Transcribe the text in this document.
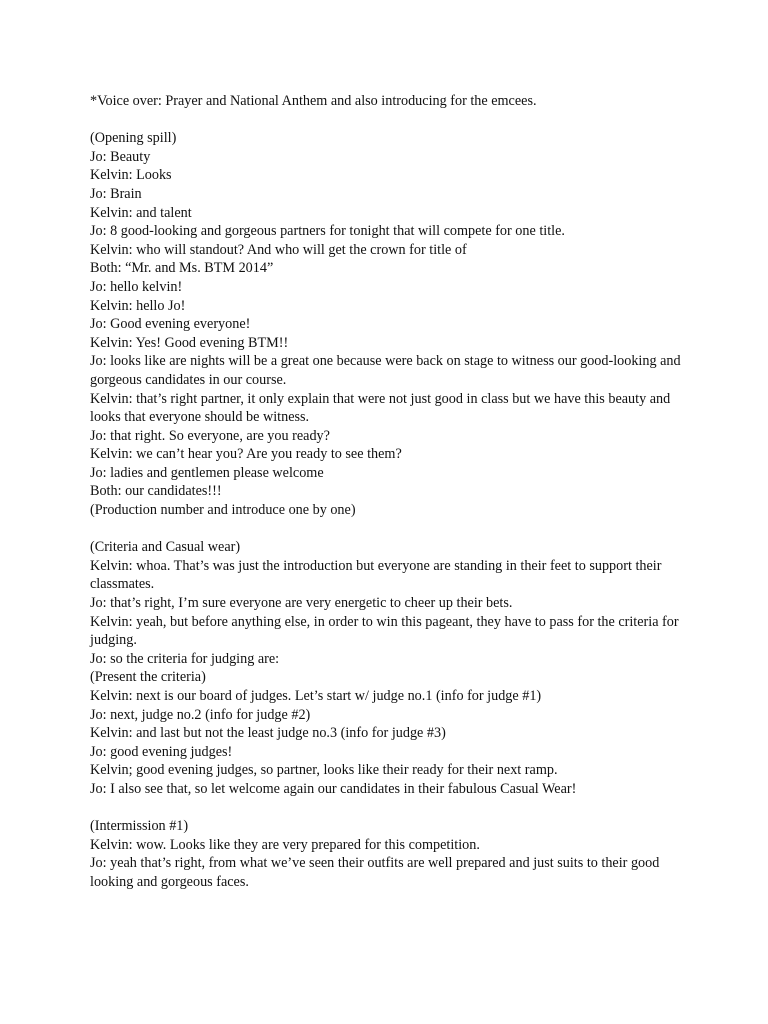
*Voice over: Prayer and National Anthem and also introducing for the emcees.
(Opening spill)
Jo: Beauty
Kelvin: Looks
Jo: Brain
Kelvin: and talent
Jo: 8 good-looking and gorgeous partners for tonight that will compete for one title.
Kelvin: who will standout? And who will get the crown for title of
Both: “Mr. and Ms. BTM 2014”
Jo: hello kelvin!
Kelvin: hello Jo!
Jo: Good evening everyone!
Kelvin: Yes! Good evening BTM!!
Jo: looks like are nights will be a great one because were back on stage to witness our good-looking and
gorgeous candidates in our course.
Kelvin: that’s right partner, it only explain that were not just good in class but we have this beauty and
looks that everyone should be witness.
Jo: that right. So everyone, are you ready?
Kelvin: we can’t hear you? Are you ready to see them?
Jo: ladies and gentlemen please welcome
Both: our candidates!!!
(Production number and introduce one by one)
(Criteria and Casual wear)
Kelvin: whoa. That’s was just the introduction but everyone are standing in their feet to support their
classmates.
Jo: that’s right, I’m sure everyone are very energetic to cheer up their bets.
Kelvin: yeah, but before anything else, in order to win this pageant, they have to pass for the criteria for
judging.
Jo: so the criteria for judging are:
(Present the criteria)
Kelvin: next is our board of judges. Let’s start w/ judge no.1 (info for judge #1)
Jo: next, judge no.2 (info for judge #2)
Kelvin: and last but not the least judge no.3 (info for judge #3)
Jo: good evening judges!
Kelvin; good evening judges, so partner, looks like their ready for their next ramp.
Jo: I also see that, so let welcome again our candidates in their fabulous Casual Wear!
(Intermission #1)
Kelvin: wow. Looks like they are very prepared for this competition.
Jo: yeah that’s right, from what we’ve seen their outfits are well prepared and just suits to their good
looking and gorgeous faces.
